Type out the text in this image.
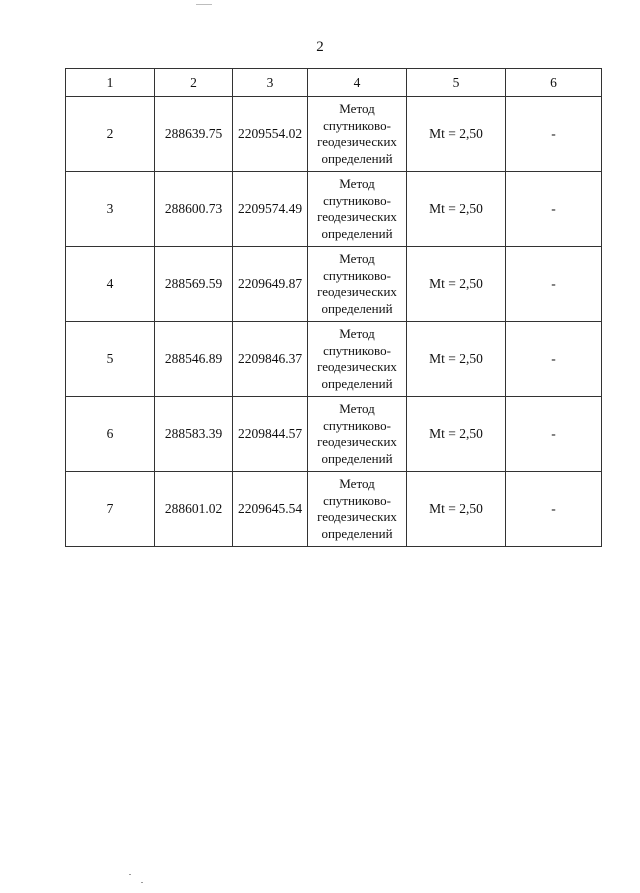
2
1	2	3	4	5	6
2	288639.75	2209554.02	Метод
спутниково-
геодезических
определений	Mt = 2,50	-
3	288600.73	2209574.49	Метод
спутниково-
геодезических
определений	Mt = 2,50	-
4	288569.59	2209649.87	Метод
спутниково-
геодезических
определений	Mt = 2,50	-
5	288546.89	2209846.37	Метод
спутниково-
геодезических
определений	Mt = 2,50	-
6	288583.39	2209844.57	Метод
спутниково-
геодезических
определений	Mt = 2,50	-
7	288601.02	2209645.54	Метод
спутниково-
геодезических
определений	Mt = 2,50	-
